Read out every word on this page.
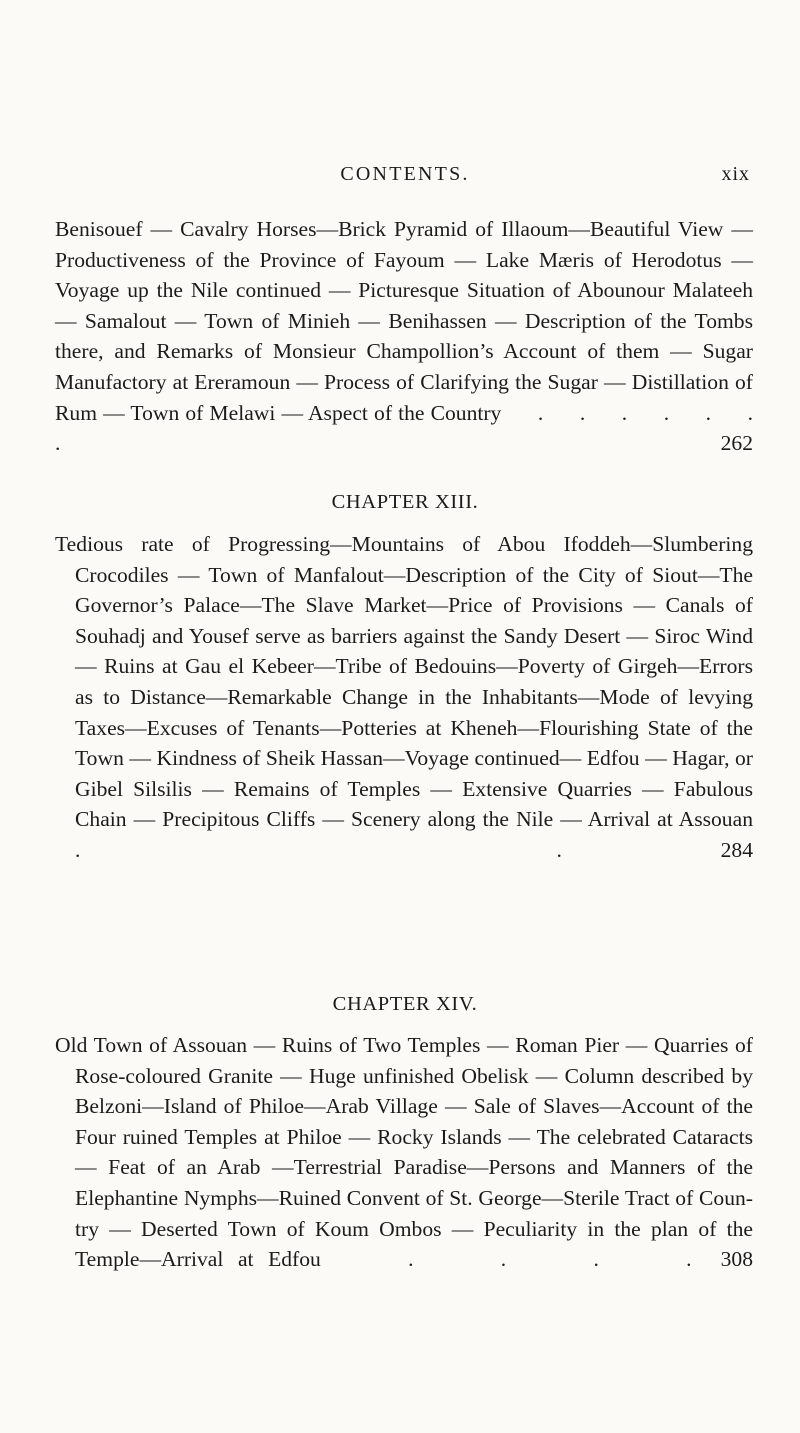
CONTENTS.	xix

Benisouef — Cavalry Horses—Brick Pyramid of Illaoum—Beautiful View — Productiveness of the Province of Fayoum — Lake Mæris of Herodotus —Voyage up the Nile continued — Picturesque Situation of Abounour Malateeh — Samalout — Town of Minieh — Benihassen — Description of the Tombs there, and Remarks of Monsieur Champollion’s Account of them — Sugar Manufactory at Ereramoun — Process of Clarifying the Sugar — Distillation of Rum — Town of Melawi — Aspect of the Country      .      .      .      .      .      .      .  262

CHAPTER XIII.

Tedious rate of Progressing—Mountains of Abou Ifoddeh—Slumbering Crocodiles — Town of Manfalout—Description of the City of Siout—The Governor’s Palace—The Slave Market—Price of Provisions — Canals of Souhadj and Yousef serve as barriers against the Sandy Desert — Siroc Wind — Ruins at Gau el Kebeer—Tribe of Bedouins—Poverty of Girgeh—Errors as to Distance—Remarkable Change in the Inhabitants—Mode of levying Taxes—Excuses of Tenants—Potteries at Kheneh—Flourishing State of the Town — Kindness of Sheik Hassan—Voyage continued— Edfou — Hagar, or Gibel Silsilis — Remains of Temples — Extensive Quarries — Fabulous Chain — Precipitous Cliffs — Scenery along the Nile — Arrival at Assouan      .      .  284

CHAPTER XIV.

Old Town of Assouan — Ruins of Two Temples — Roman Pier — Quarries of Rose-coloured Granite — Huge unfinished Obelisk — Column described by Belzoni—Island of Philoe—Arab Village — Sale of Slaves—Account of the Four ruined Temples at Philoe — Rocky Islands — The celebrated Cataracts — Feat of an Arab —Terrestrial Paradise—Persons and Manners of the Elephantine Nymphs—Ruined Convent of St. George—Sterile Tract of Country — Deserted Town of Koum Ombos — Peculiarity in the plan of the Temple—Arrival at Edfou      .      .      .      .  308
